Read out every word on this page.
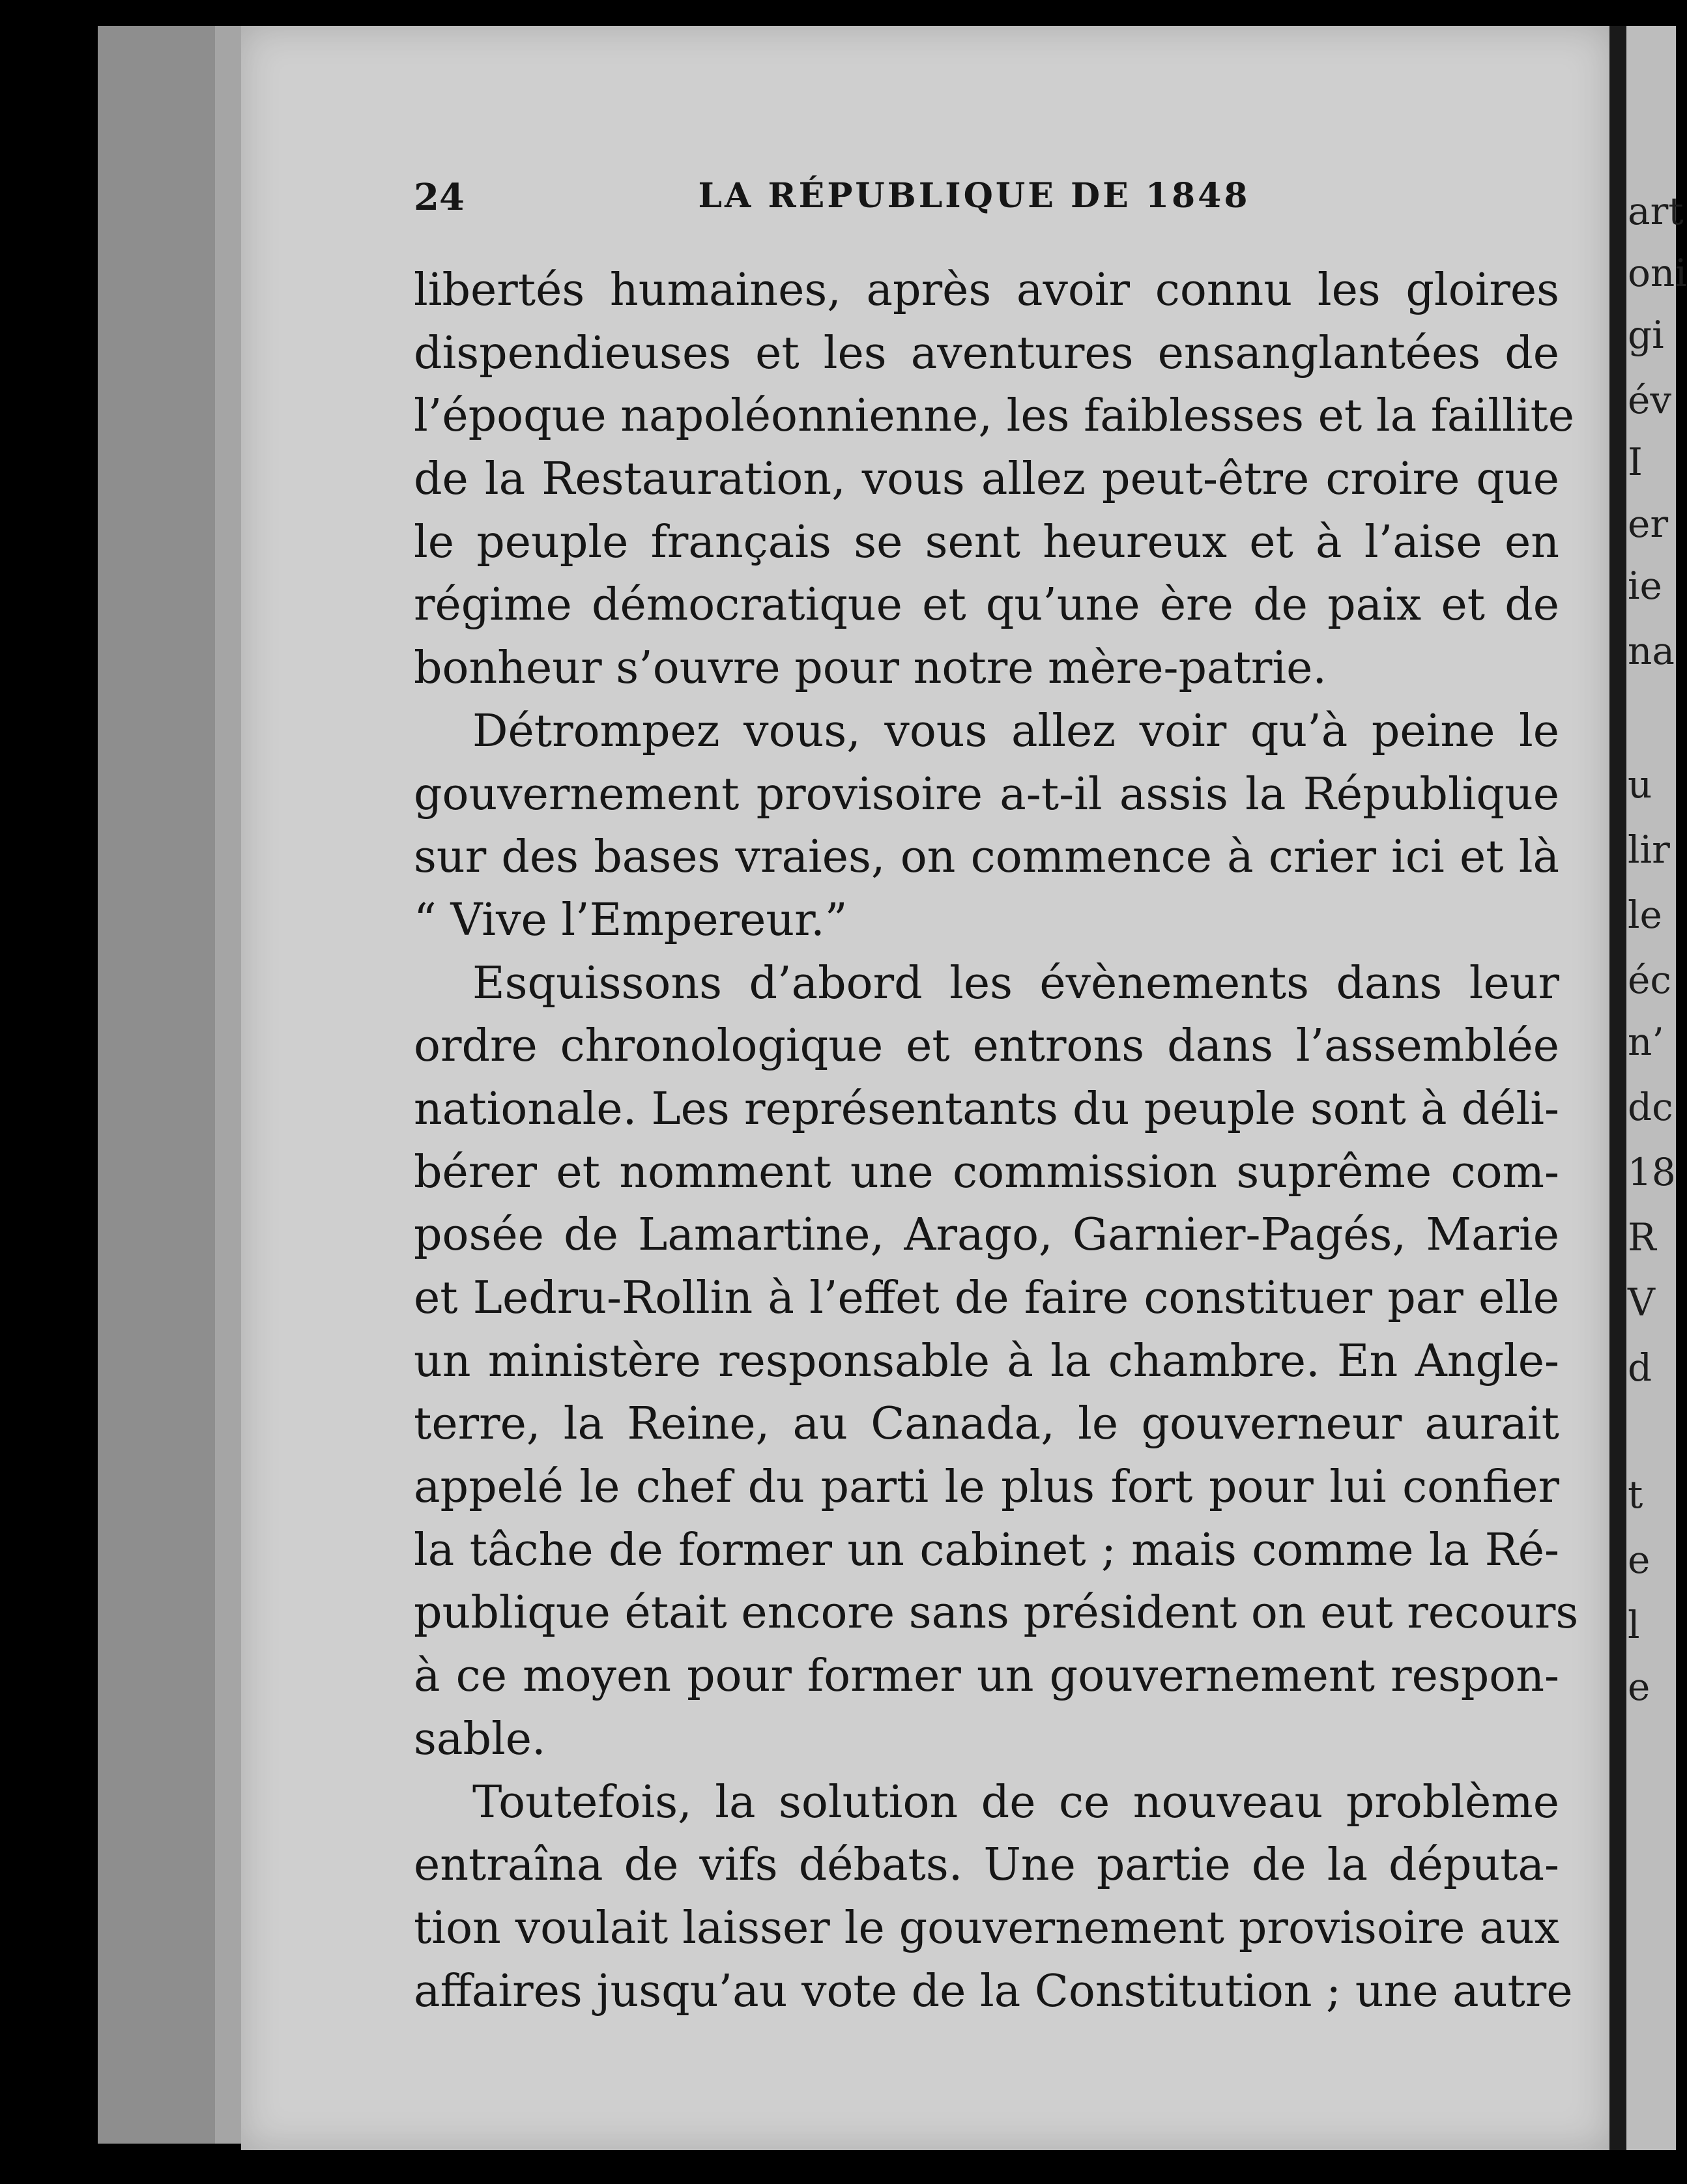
24	LA RÉPUBLIQUE DE 1848
libertés humaines, après avoir connu les gloires
dispendieuses et les aventures ensanglantées de
l’époque napoléonnienne, les faiblesses et la faillite
de la Restauration, vous allez peut-être croire que
le peuple français se sent heureux et à l’aise en
régime démocratique et qu’une ère de paix et de
bonheur s’ouvre pour notre mère-patrie.
Détrompez vous, vous allez voir qu’à peine le
gouvernement provisoire a-t-il assis la République
sur des bases vraies, on commence à crier ici et là
“ Vive l’Empereur.”
Esquissons d’abord les évènements dans leur
ordre chronologique et entrons dans l’assemblée
nationale. Les représentants du peuple sont à déli-
bérer et nomment une commission suprême com-
posée de Lamartine, Arago, Garnier-Pagés, Marie
et Ledru-Rollin à l’effet de faire constituer par elle
un ministère responsable à la chambre. En Angle-
terre, la Reine, au Canada, le gouverneur aurait
appelé le chef du parti le plus fort pour lui confier
la tâche de former un cabinet ; mais comme la Ré-
publique était encore sans président on eut recours
à ce moyen pour former un gouvernement respon-
sable.
Toutefois, la solution de ce nouveau problème
entraîna de vifs débats. Une partie de la députa-
tion voulait laisser le gouvernement provisoire aux
affaires jusqu’au vote de la Constitution ; une autre
art
oni
gi
év
I
er
ie
na
u
lir
le
éc
n’
dc
18
R
V
d
t
e
l
e
